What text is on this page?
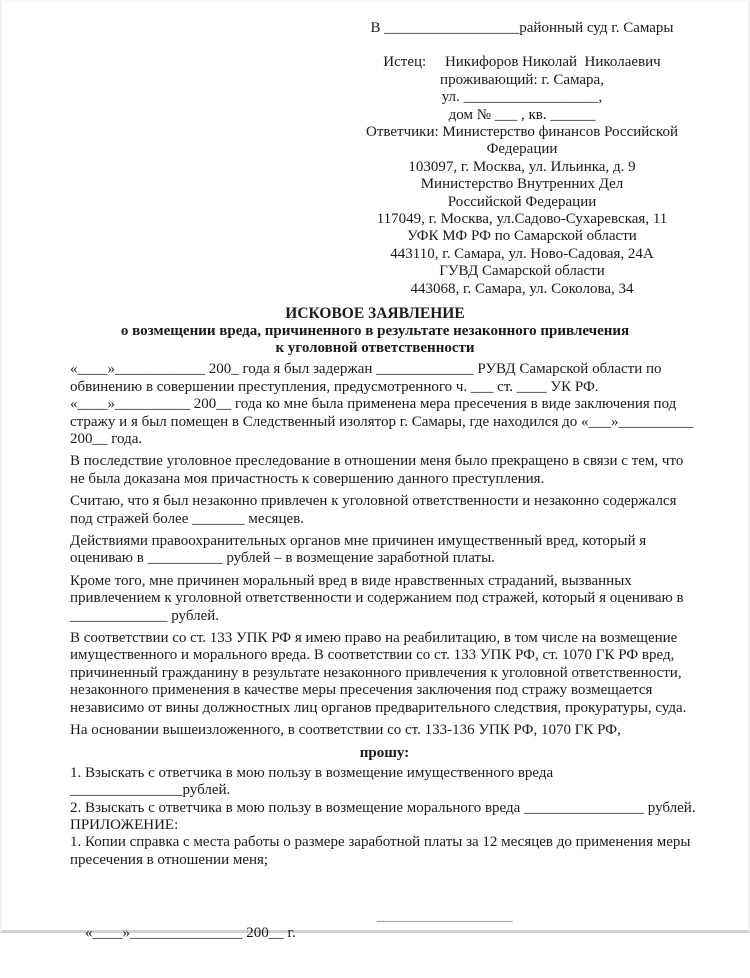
В __________________районный суд г. Самары
Истец:     Никифоров Николай  Николаевич
проживающий: г. Самара,
ул. __________________,
дом № ___ , кв. ______
Ответчики: Министерство финансов Российской
Федерации
103097, г. Москва, ул. Ильинка, д. 9
Министерство Внутренних Дел
Российской Федерации
117049, г. Москва, ул.Садово-Сухаревская, 11
УФК МФ РФ по Самарской области
443110, г. Самара, ул. Ново-Садовая, 24А
ГУВД Самарской области
443068, г. Самара, ул. Соколова, 34
ИСКОВОЕ ЗАЯВЛЕНИЕ
о возмещении вреда, причиненного в результате незаконного привлечения
к уголовной ответственности

«____»____________ 200_ года я был задержан _____________ РУВД Самарской области по обвинению в совершении преступления, предусмотренного ч. ___ ст. ____ УК РФ.

«____»__________ 200__ года ко мне была применена мера пресечения в виде заключения под стражу и я был помещен в Следственный изолятор г. Самары, где находился до «___»__________ 200__ года.

В последствие уголовное преследование в отношении меня было прекращено в связи с тем, что не была доказана моя причастность к совершению данного преступления.

Считаю, что я был незаконно привлечен к уголовной ответственности и незаконно содержался под стражей более _______ месяцев.

Действиями правоохранительных органов мне причинен имущественный вред, который я оцениваю в __________ рублей – в возмещение заработной платы.

Кроме того, мне причинен моральный вред в виде нравственных страданий, вызванных привлечением к уголовной ответственности и содержанием под стражей, который я оцениваю в _____________ рублей.

В соответствии со ст. 133 УПК РФ я имею право на реабилитацию, в том числе на возмещение имущественного и морального вреда. В соответствии со ст. 133 УПК РФ, ст. 1070 ГК РФ вред, причиненный гражданину в результате незаконного привлечения к уголовной ответственности, незаконного применения в качестве меры пресечения заключения под стражу возмещается независимо от вины должностных лиц органов предварительного следствия, прокуратуры, суда.

На основании вышеизложенного, в соответствии со ст. 133-136 УПК РФ, 1070 ГК РФ,

прошу:

1. Взыскать с ответчика в мою пользу в возмещение имущественного вреда _______________рублей.

2. Взыскать с ответчика в мою пользу в возмещение морального вреда ________________ рублей.

ПРИЛОЖЕНИЕ:

1. Копии справка с места работы о размере заработной платы за 12 месяцев до применения меры пресечения в отношении меня;

«____»_______________ 200__ г.

_________________
